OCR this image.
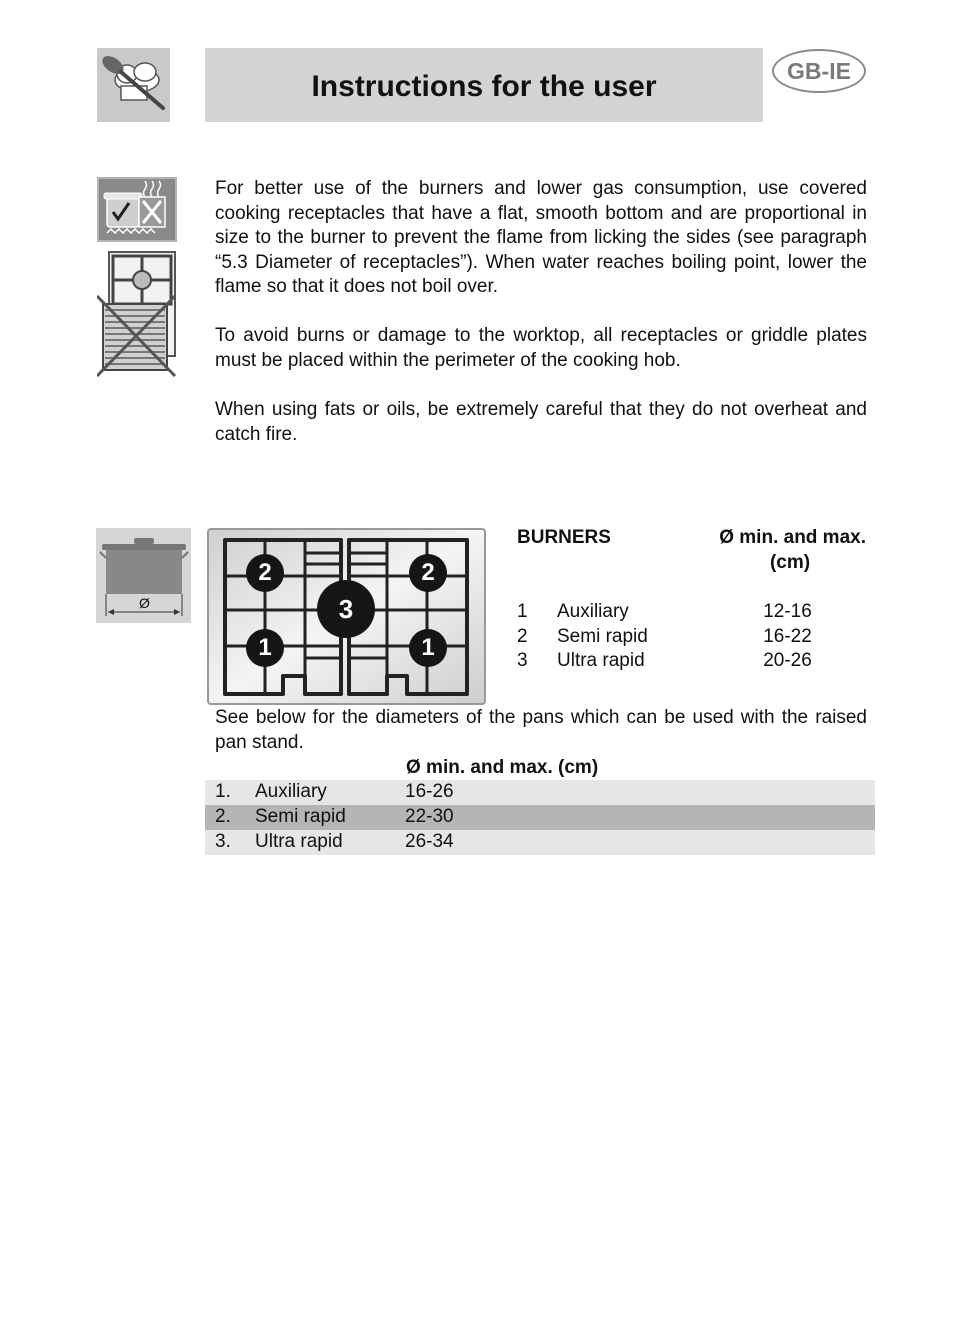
Instructions for the user	GB-IE

For better use of the burners and lower gas consumption, use covered cooking receptacles that have a flat, smooth bottom and are proportional in size to the burner to prevent the flame from licking the sides (see paragraph “5.3 Diameter of receptacles”). When water reaches boiling point, lower the flame so that it does not boil over.

To avoid burns or damage to the worktop, all receptacles or griddle plates must be placed within the perimeter of the cooking hob.

When using fats or oils, be extremely careful that they do not overheat and catch fire.

Ø
2
3
2
1	1
BURNERS	Ø min. and max.
(cm)
1 Auxiliary	12-16
2 Semi rapid	16-22
3 Ultra rapid	20-26

See below for the diameters of the pans which can be used with the raised pan stand.

Ø min. and max. (cm)
1. Auxiliary	16-26
2. Semi rapid	22-30
3. Ultra rapid	26-34
